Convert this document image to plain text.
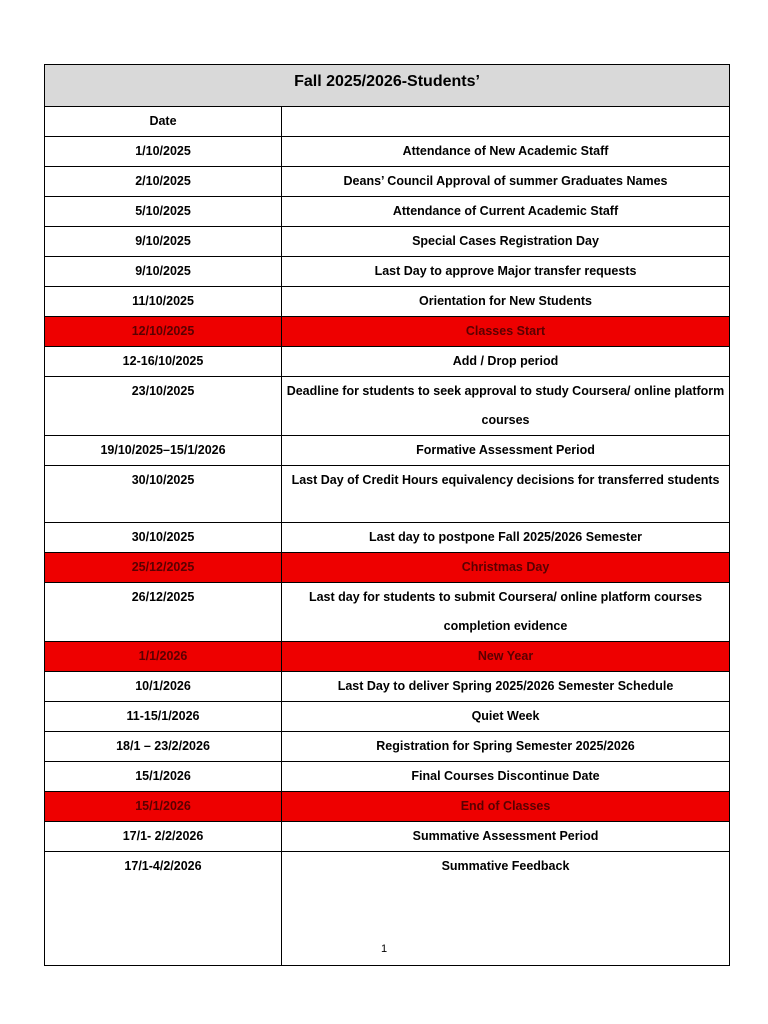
Fall 2025/2026-Students’	
Date	
1/10/2025	Attendance of New Academic Staff
2/10/2025	Deans’ Council Approval of summer Graduates Names
5/10/2025	Attendance of Current Academic Staff
9/10/2025	Special Cases Registration Day
9/10/2025	Last Day to approve Major transfer requests
11/10/2025	Orientation for New Students
12/10/2025	Classes Start
12-16/10/2025	Add / Drop period
23/10/2025	Deadline for students to seek approval to study Coursera/ online platform courses
19/10/2025–15/1/2026	Formative Assessment Period
30/10/2025	Last Day of Credit Hours equivalency decisions for transferred students
30/10/2025	Last day to postpone Fall 2025/2026 Semester
25/12/2025	Christmas Day
26/12/2025	Last day for students to submit Coursera/ online platform courses completion evidence
1/1/2026	New Year
10/1/2026	Last Day to deliver Spring 2025/2026 Semester Schedule
11-15/1/2026	Quiet Week
18/1 – 23/2/2026	Registration for Spring Semester 2025/2026
15/1/2026	Final Courses Discontinue Date
15/1/2026	End of Classes
17/1- 2/2/2026	Summative Assessment Period
17/1-4/2/2026	Summative Feedback
1
